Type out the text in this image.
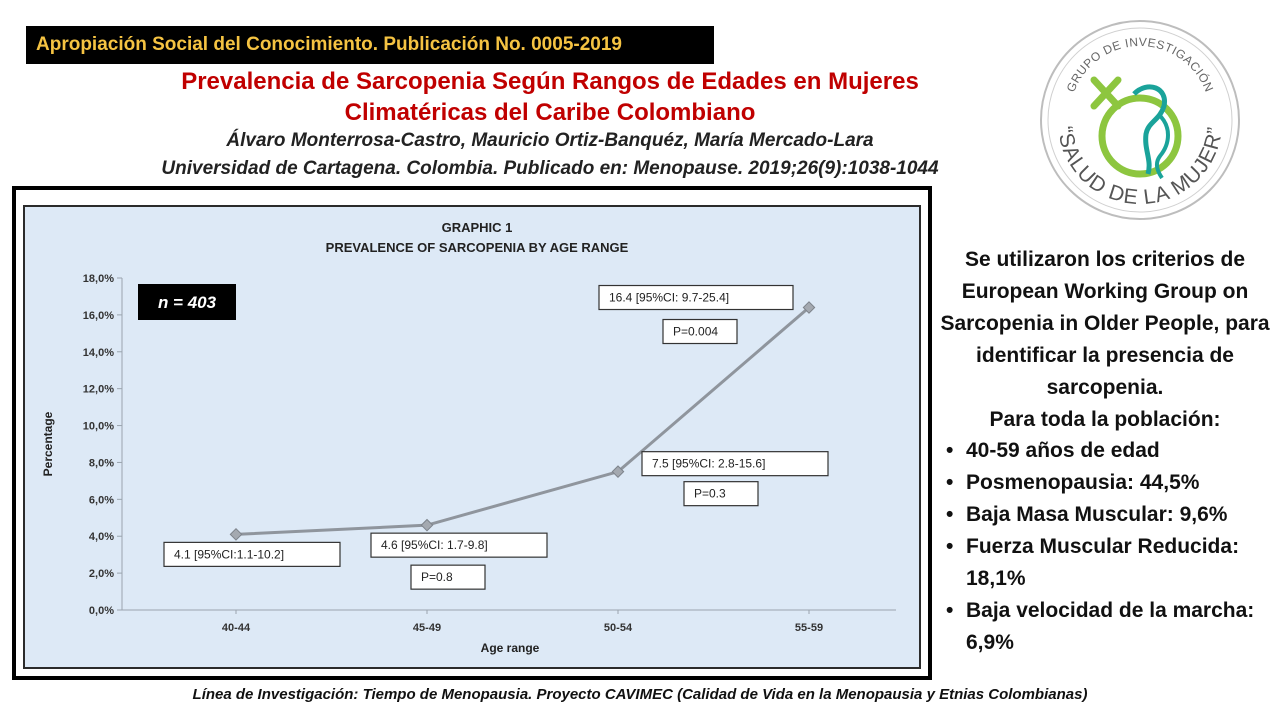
Apropiación Social del Conocimiento. Publicación No. 0005-2019
Prevalencia de Sarcopenia Según Rangos de Edades en Mujeres
Climatéricas del Caribe Colombiano
Álvaro Monterrosa-Castro, Mauricio Ortiz-Banquéz, María Mercado-Lara
Universidad de Cartagena. Colombia. Publicado en: Menopause. 2019;26(9):1038-1044
GRUPO DE INVESTIGACIÓN
“SALUD DE LA MUJER”
GRAPHIC 1
PREVALENCE OF SARCOPENIA BY AGE RANGE
0,0%
2,0%
4,0%
6,0%
8,0%
10,0%
12,0%
14,0%
16,0%
18,0%
40-44	45-49	50-54	55-59
Percentage
Age range
4.1 [95%CI:1.1-10.2]
4.6 [95%CI: 1.7-9.8]
P=0.8
7.5 [95%CI: 2.8-15.6]
P=0.3
16.4 [95%CI: 9.7-25.4]
P=0.004
n = 403
Se utilizaron los criterios de European Working Group on Sarcopenia in Older People, para identificar la presencia de sarcopenia.
Para toda la población:
• 40-59 años de edad
• Posmenopausia: 44,5%
• Baja Masa Muscular: 9,6%
• Fuerza Muscular Reducida: 18,1%
• Baja velocidad de la marcha: 6,9%
Línea de Investigación: Tiempo de Menopausia. Proyecto CAVIMEC (Calidad de Vida en la Menopausia y Etnias Colombianas)
